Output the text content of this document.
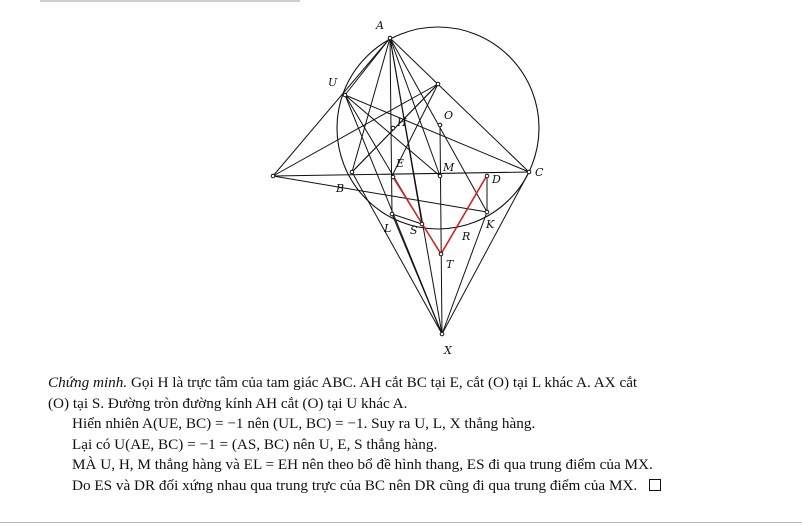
A
U
O
H
E	M
D
B
C
L S	R
K
T
X

Chứng minh. Gọi H là trực tâm của tam giác ABC. AH cắt BC tại E, cắt (O) tại L khác A. AX cắt

(O) tại S. Đường tròn đường kính AH cắt (O) tại U khác A.

Hiển nhiên A(UE, BC) = −1 nên (UL, BC) = −1. Suy ra U, L, X thẳng hàng.

Lại có U(AE, BC) = −1 = (AS, BC) nên U, E, S thẳng hàng.

MÀ U, H, M thẳng hàng và EL = EH nên theo bổ đề hình thang, ES đi qua trung điểm của MX.

Do ES và DR đối xứng nhau qua trung trực của BC nên DR cũng đi qua trung điểm của MX.
